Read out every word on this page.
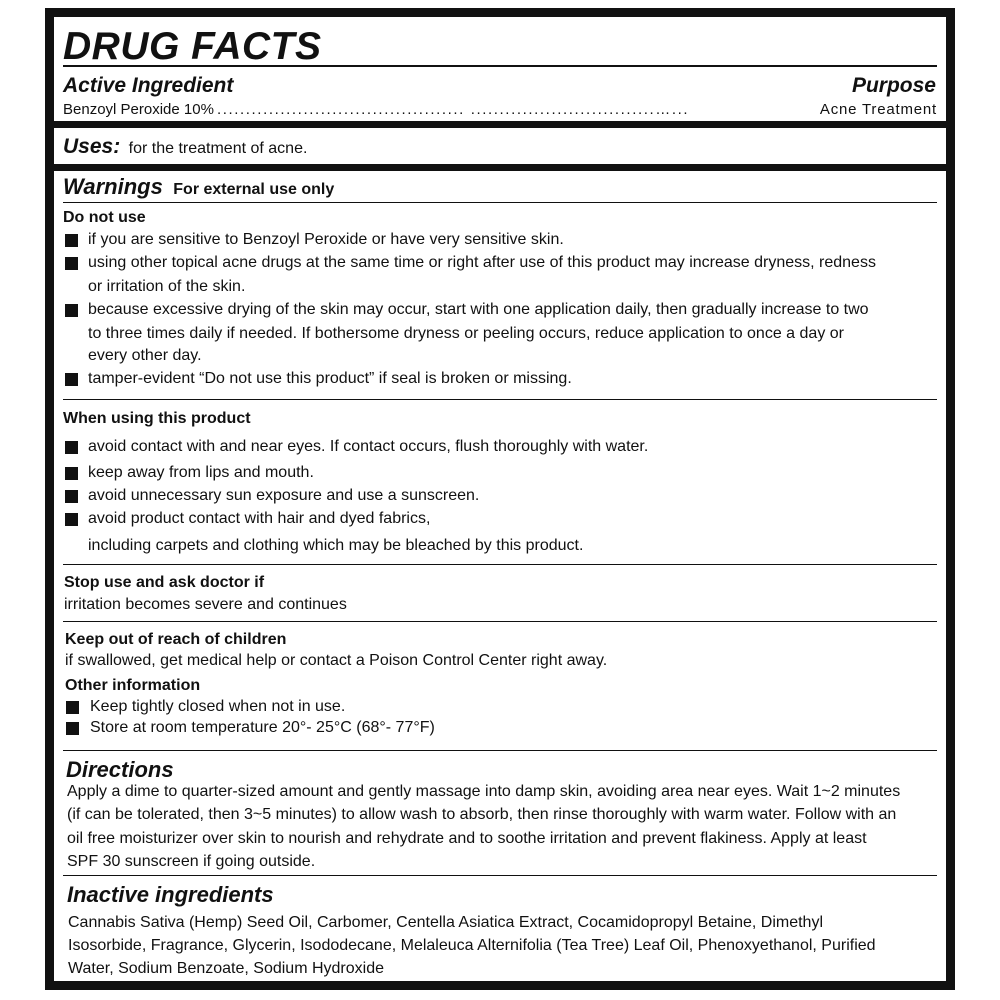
DRUG FACTS
Active Ingredient	Purpose
Benzoyl Peroxide 10% ........................................... ................................…...	Acne Treatment
Uses: for the treatment of acne.
Warnings For external use only
Do not use
if you are sensitive to Benzoyl Peroxide or have very sensitive skin.
using other topical acne drugs at the same time or right after use of this product may increase dryness, redness
or irritation of the skin.
because excessive drying of the skin may occur, start with one application daily, then gradually increase to two
to three times daily if needed. If bothersome dryness or peeling occurs, reduce application to once a day or
every other day.
tamper-evident “Do not use this product” if seal is broken or missing.
When using this product
avoid contact with and near eyes. If contact occurs, flush thoroughly with water.
keep away from lips and mouth.
avoid unnecessary sun exposure and use a sunscreen.
avoid product contact with hair and dyed fabrics,
including carpets and clothing which may be bleached by this product.
Stop use and ask doctor if
irritation becomes severe and continues
Keep out of reach of children
if swallowed, get medical help or contact a Poison Control Center right away.
Other information
Keep tightly closed when not in use.
Store at room temperature 20°- 25°C (68°- 77°F)
Directions
Apply a dime to quarter-sized amount and gently massage into damp skin, avoiding area near eyes. Wait 1~2 minutes
(if can be tolerated, then 3~5 minutes) to allow wash to absorb, then rinse thoroughly with warm water. Follow with an
oil free moisturizer over skin to nourish and rehydrate and to soothe irritation and prevent flakiness. Apply at least
SPF 30 sunscreen if going outside.
Inactive ingredients
Cannabis Sativa (Hemp) Seed Oil, Carbomer, Centella Asiatica Extract, Cocamidopropyl Betaine, Dimethyl
Isosorbide, Fragrance, Glycerin, Isododecane, Melaleuca Alternifolia (Tea Tree) Leaf Oil, Phenoxyethanol, Purified
Water, Sodium Benzoate, Sodium Hydroxide
